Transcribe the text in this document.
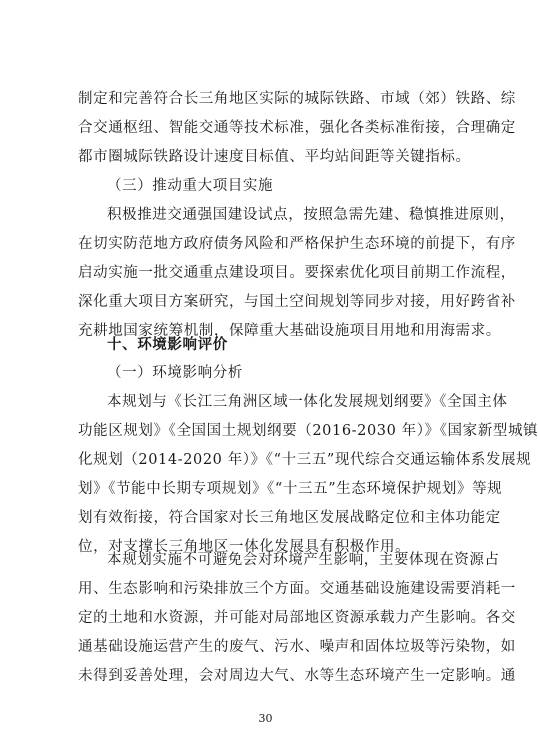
制定和完善符合长三角地区实际的城际铁路、市域（郊）铁路、综
合交通枢纽、智能交通等技术标准，强化各类标准衔接，合理确定
都市圈城际铁路设计速度目标值、平均站间距等关键指标。
（三）推动重大项目实施
积极推进交通强国建设试点，按照急需先建、稳慎推进原则，
在切实防范地方政府债务风险和严格保护生态环境的前提下，有序
启动实施一批交通重点建设项目。要探索优化项目前期工作流程，
深化重大项目方案研究，与国土空间规划等同步对接，用好跨省补
充耕地国家统筹机制，保障重大基础设施项目用地和用海需求。
十、环境影响评价
（一）环境影响分析
本规划与《长江三角洲区域一体化发展规划纲要》《全国主体
功能区规划》《全国国土规划纲要（2016-2030 年）》《国家新型城镇
化规划（2014-2020 年）》《“十三五”现代综合交通运输体系发展规
划》《节能中长期专项规划》《“十三五”生态环境保护规划》等规
划有效衔接，符合国家对长三角地区发展战略定位和主体功能定
位，对支撑长三角地区一体化发展具有积极作用。
本规划实施不可避免会对环境产生影响，主要体现在资源占
用、生态影响和污染排放三个方面。交通基础设施建设需要消耗一
定的土地和水资源，并可能对局部地区资源承载力产生影响。各交
通基础设施运营产生的废气、污水、噪声和固体垃圾等污染物，如
未得到妥善处理，会对周边大气、水等生态环境产生一定影响。通
30
